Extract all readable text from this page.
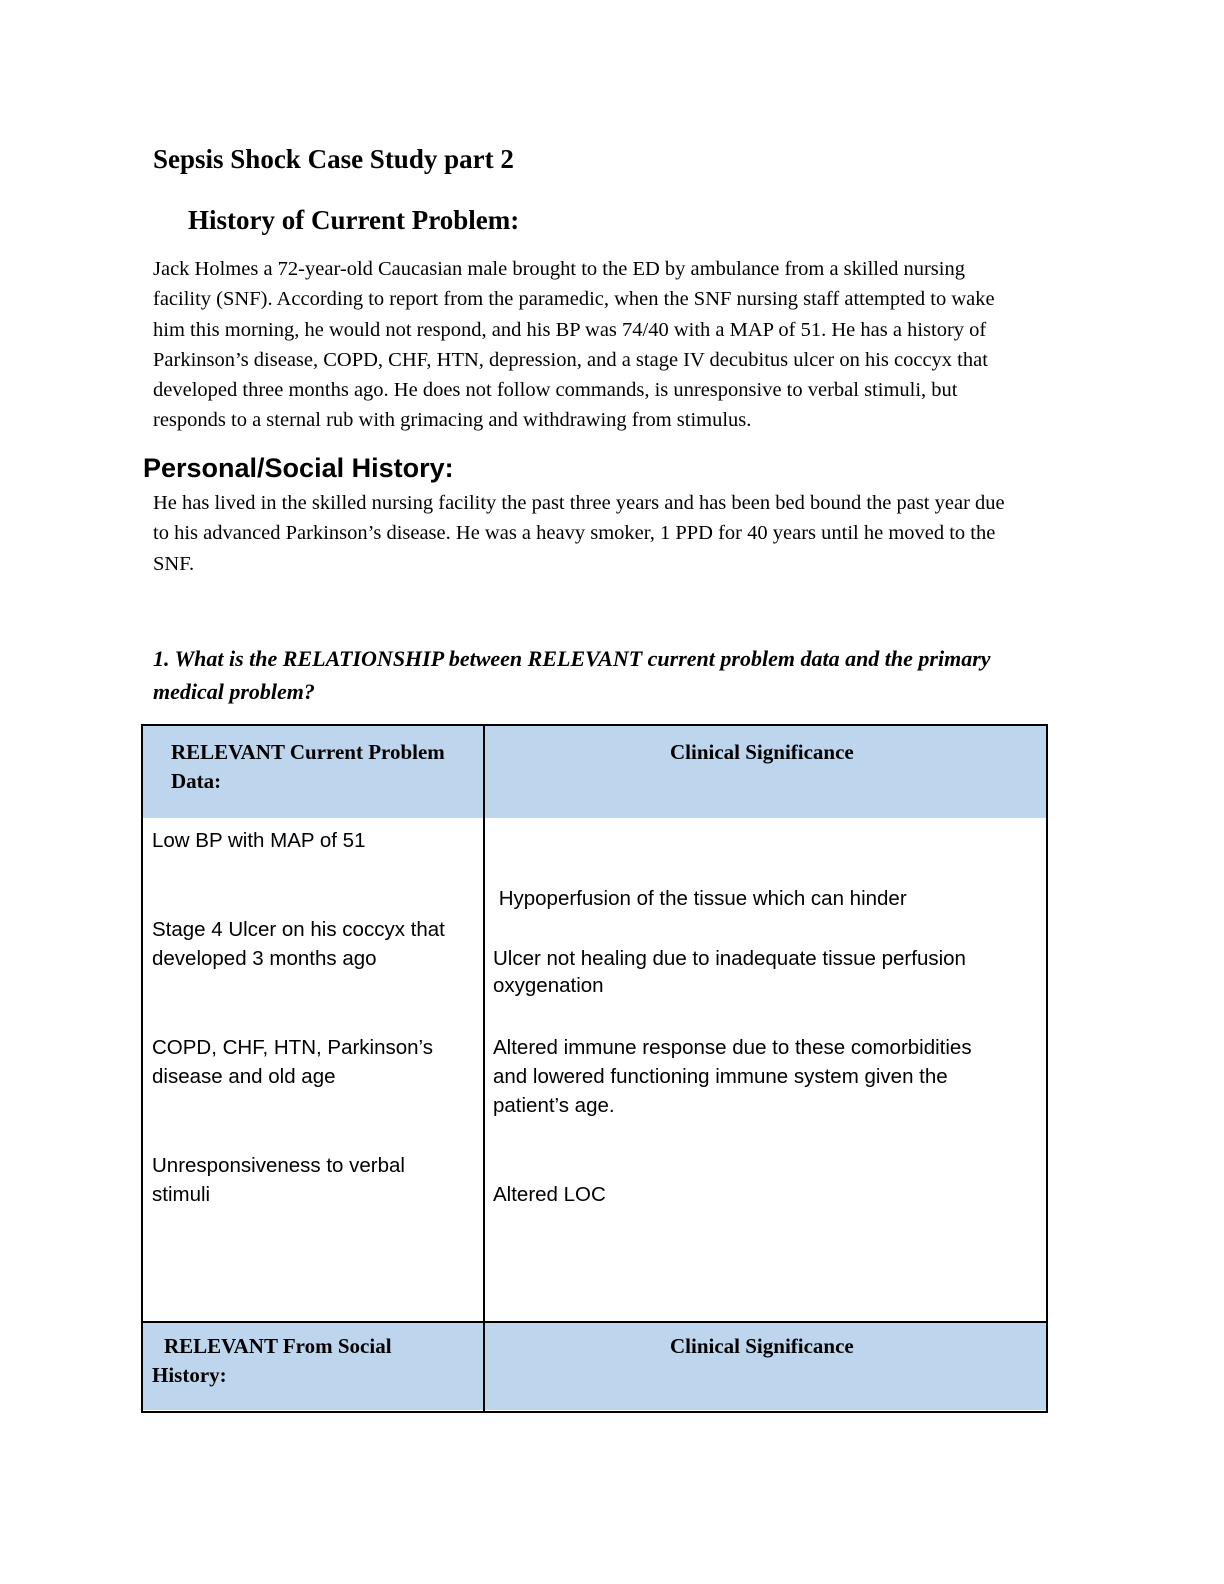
Sepsis Shock Case Study part 2
History of Current Problem:
Jack Holmes a 72-year-old Caucasian male brought to the ED by ambulance from a skilled nursing
facility (SNF). According to report from the paramedic, when the SNF nursing staff attempted to wake
him this morning, he would not respond, and his BP was 74/40 with a MAP of 51. He has a history of
Parkinson’s disease, COPD, CHF, HTN, depression, and a stage IV decubitus ulcer on his coccyx that
developed three months ago. He does not follow commands, is unresponsive to verbal stimuli, but
responds to a sternal rub with grimacing and withdrawing from stimulus.
Personal/Social History:
He has lived in the skilled nursing facility the past three years and has been bed bound the past year due
to his advanced Parkinson’s disease. He was a heavy smoker, 1 PPD for 40 years until he moved to the
SNF.
1. What is the RELATIONSHIP between RELEVANT current problem data and the primary
medical problem?
RELEVANT Current Problem
Data:
Clinical Significance
Low BP with MAP of 51

Hypoperfusion of the tissue which can hinder

oxygenation

Stage 4 Ulcer on his coccyx that
developed 3 months ago	Ulcer not healing due to inadequate tissue perfusion
COPD, CHF, HTN, Parkinson’s
disease and old age
Altered immune response due to these comorbidities
and lowered functioning immune system given the
patient’s age.
Unresponsiveness to verbal
stimuli	Altered LOC
RELEVANT From Social
History:
Clinical Significance
